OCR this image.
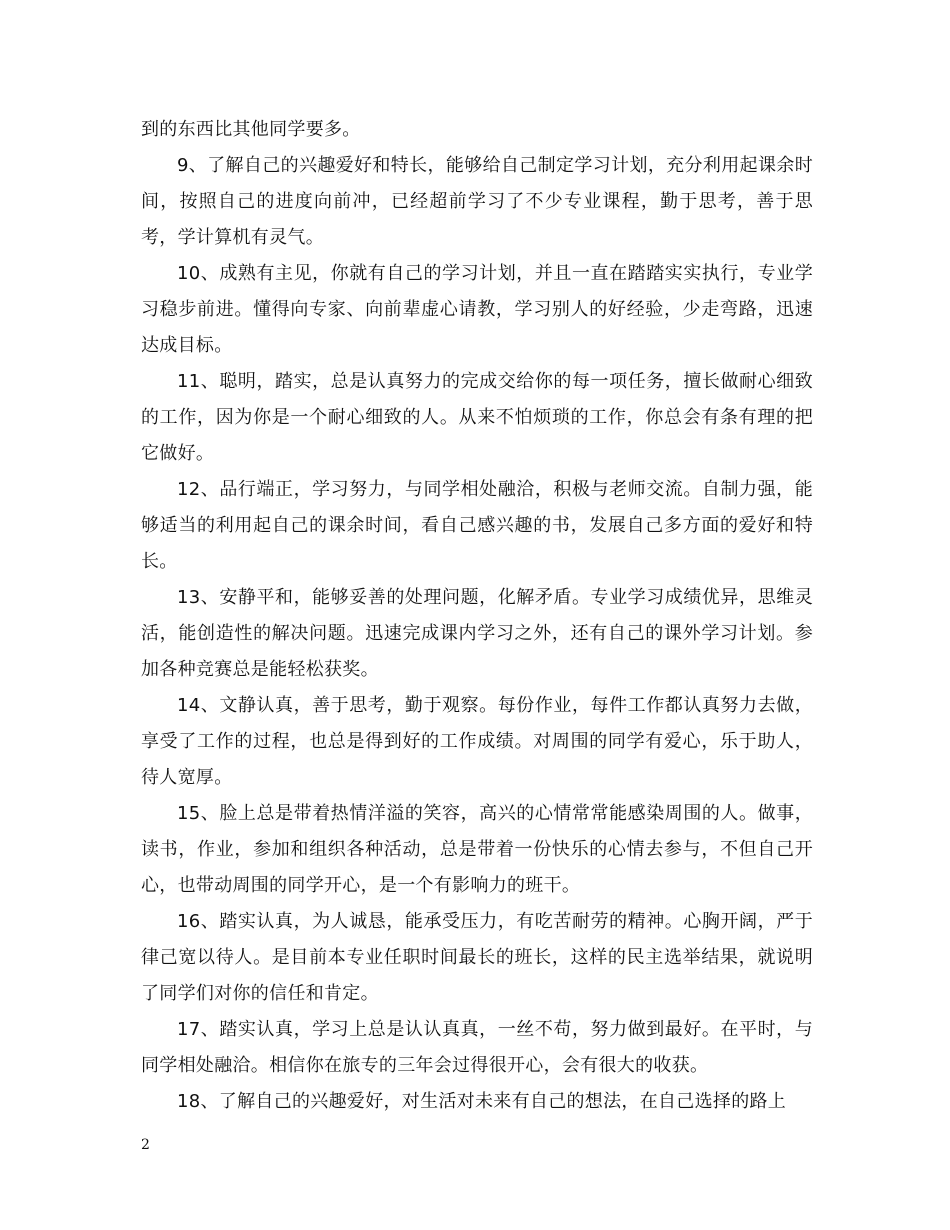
到的东西比其他同学要多。

9、了解自己的兴趣爱好和特长，能够给自己制定学习计划，充分利用起课余时间，按照自己的进度向前冲，已经超前学习了不少专业课程，勤于思考，善于思考，学计算机有灵气。

10、成熟有主见，你就有自己的学习计划，并且一直在踏踏实实执行，专业学习稳步前进。懂得向专家、向前辈虚心请教，学习别人的好经验，少走弯路，迅速达成目标。

11、聪明，踏实，总是认真努力的完成交给你的每一项任务，擅长做耐心细致的工作，因为你是一个耐心细致的人。从来不怕烦琐的工作，你总会有条有理的把它做好。

12、品行端正，学习努力，与同学相处融洽，积极与老师交流。自制力强，能够适当的利用起自己的课余时间，看自己感兴趣的书，发展自己多方面的爱好和特长。

13、安静平和，能够妥善的处理问题，化解矛盾。专业学习成绩优异，思维灵活，能创造性的解决问题。迅速完成课内学习之外，还有自己的课外学习计划。参加各种竞赛总是能轻松获奖。

14、文静认真，善于思考，勤于观察。每份作业，每件工作都认真努力去做，享受了工作的过程，也总是得到好的工作成绩。对周围的同学有爱心，乐于助人，待人宽厚。

15、脸上总是带着热情洋溢的笑容，高兴的心情常常能感染周围的人。做事，读书，作业，参加和组织各种活动，总是带着一份快乐的心情去参与，不但自己开心，也带动周围的同学开心，是一个有影响力的班干。

16、踏实认真，为人诚恳，能承受压力，有吃苦耐劳的精神。心胸开阔，严于律己宽以待人。是目前本专业任职时间最长的班长，这样的民主选举结果，就说明了同学们对你的信任和肯定。

17、踏实认真，学习上总是认认真真，一丝不苟，努力做到最好。在平时，与同学相处融洽。相信你在旅专的三年会过得很开心，会有很大的收获。

18、了解自己的兴趣爱好，对生活对未来有自己的想法，在自己选择的路上

2
